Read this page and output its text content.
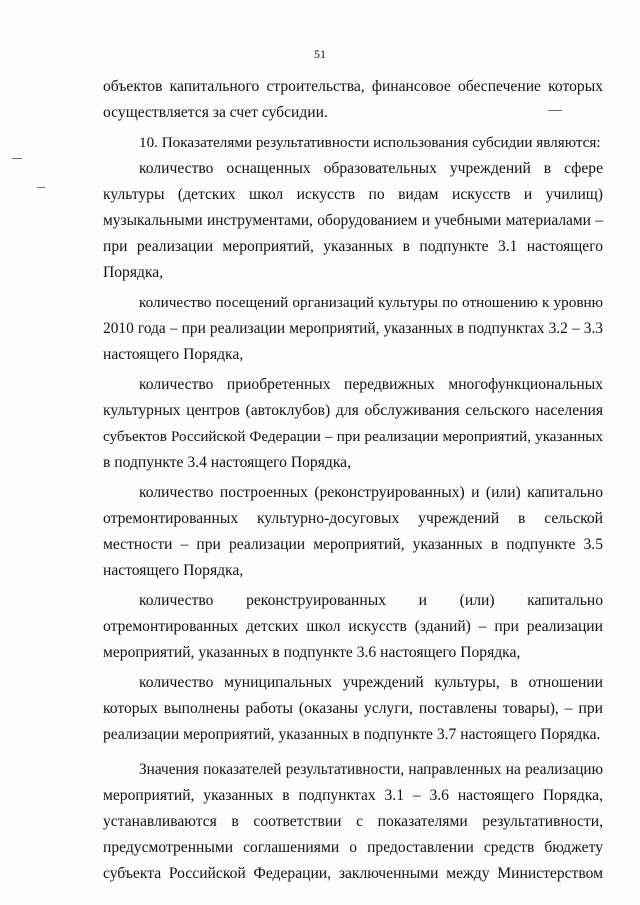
51

объектов капитального строительства, финансовое обеспечение которых
осуществляется за счет субсидии.

10. Показателями результативности использования субсидии являются:

количество оснащенных образовательных учреждений в сфере
культуры (детских школ искусств по видам искусств и училищ)
музыкальными инструментами, оборудованием и учебными материалами –
при реализации мероприятий, указанных в подпункте 3.1 настоящего
Порядка,

количество посещений организаций культуры по отношению к уровню
2010 года – при реализации мероприятий, указанных в подпунктах 3.2 – 3.3
настоящего Порядка,

количество приобретенных передвижных многофункциональных
культурных центров (автоклубов) для обслуживания сельского населения
субъектов Российской Федерации – при реализации мероприятий, указанных
в подпункте 3.4 настоящего Порядка,

количество построенных (реконструированных) и (или) капитально
отремонтированных культурно-досуговых учреждений в сельской
местности – при реализации мероприятий, указанных в подпункте 3.5
настоящего Порядка,

количество реконструированных и (или) капитально
отремонтированных детских школ искусств (зданий) – при реализации
мероприятий, указанных в подпункте 3.6 настоящего Порядка,

количество муниципальных учреждений культуры, в отношении
которых выполнены работы (оказаны услуги, поставлены товары), – при
реализации мероприятий, указанных в подпункте 3.7 настоящего Порядка.

Значения показателей результативности, направленных на реализацию
мероприятий, указанных в подпунктах 3.1 – 3.6 настоящего Порядка,
устанавливаются в соответствии с показателями результативности,
предусмотренными соглашениями о предоставлении средств бюджету
субъекта Российской Федерации, заключенными между Министерством
